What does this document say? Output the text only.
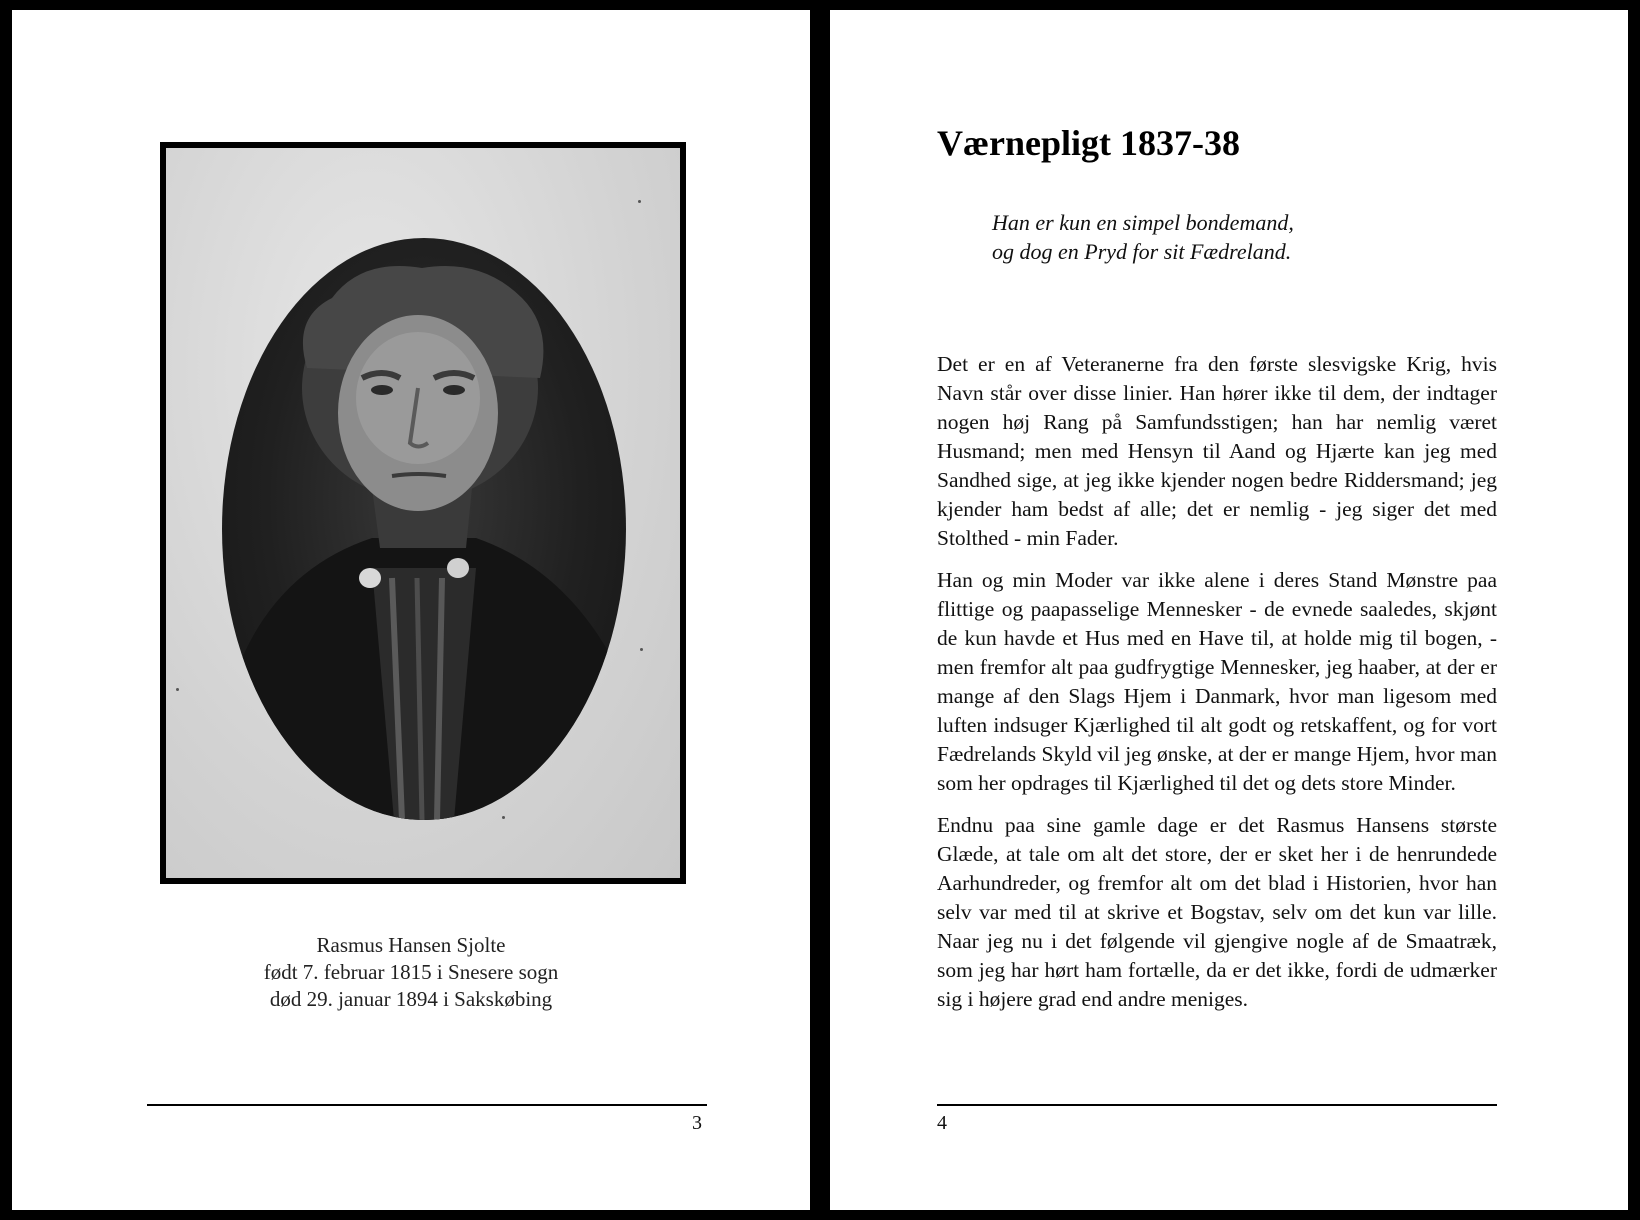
Rasmus Hansen Sjolte
født 7. februar 1815 i Snesere sogn
død 29. januar 1894 i Sakskøbing
3
Værnepligt 1837-38
Han er kun en simpel bondemand,
og dog en Pryd for sit Fædreland.

Det er en af Veteranerne fra den første slesvigske Krig, hvis Navn står over disse linier. Han hører ikke til dem, der indtager nogen høj Rang på Samfundsstigen; han har nemlig været Husmand; men med Hensyn til Aand og Hjærte kan jeg med Sandhed sige, at jeg ikke kjender nogen bedre Riddersmand; jeg kjender ham bedst af alle; det er nemlig - jeg siger det med Stolthed - min Fader.

Han og min Moder var ikke alene i deres Stand Mønstre paa flittige og paapasselige Mennesker - de evnede saaledes, skjønt de kun havde et Hus med en Have til, at holde mig til bogen, - men fremfor alt paa gudfrygtige Mennesker, jeg haaber, at der er mange af den Slags Hjem i Danmark, hvor man ligesom med luften indsuger Kjærlighed til alt godt og retskaffent, og for vort Fædrelands Skyld vil jeg ønske, at der er mange Hjem, hvor man som her opdrages til Kjærlighed til det og dets store Minder.

Endnu paa sine gamle dage er det Rasmus Hansens største Glæde, at tale om alt det store, der er sket her i de henrundede Aarhundreder, og fremfor alt om det blad i Historien, hvor han selv var med til at skrive et Bogstav, selv om det kun var lille. Naar jeg nu i det følgende vil gjengive nogle af de Smaatræk, som jeg har hørt ham fortælle, da er det ikke, fordi de udmærker sig i højere grad end andre meniges.

4
